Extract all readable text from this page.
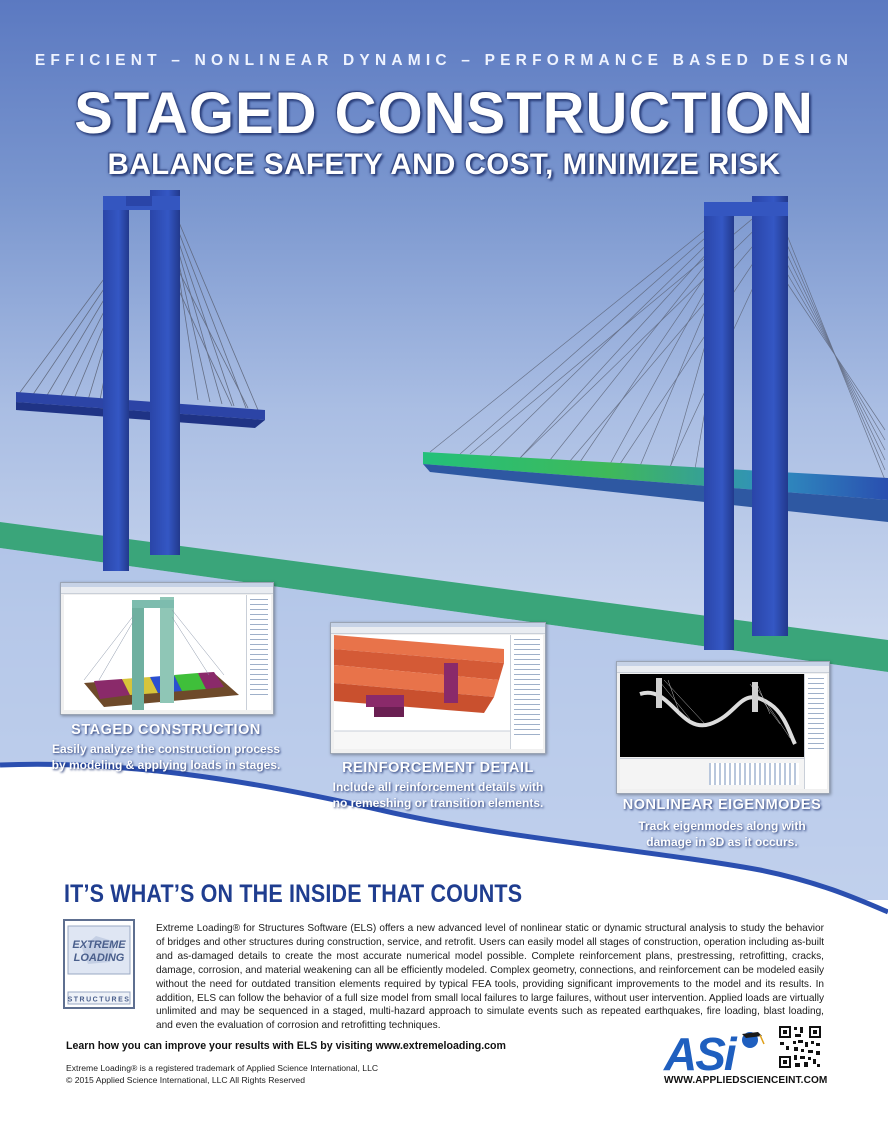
EFFICIENT – NONLINEAR DYNAMIC – PERFORMANCE BASED DESIGN
STAGED CONSTRUCTION
BALANCE SAFETY AND COST, MINIMIZE RISK
STAGED CONSTRUCTION
Easily analyze the construction process
by modeling & applying loads in stages.	REINFORCEMENT DETAIL
Include all reinforcement details with
no remeshing or transition elements.	NONLINEAR EIGENMODES
Track eigenmodes along with
damage in 3D as it occurs.
IT’S WHAT’S ON THE INSIDE THAT COUNTS
EXTREME
LOADING
STRUCTURES
Extreme Loading® for Structures Software (ELS) offers a new advanced level of nonlinear static or dynamic structural analysis to study the behavior of bridges and other structures during construction, service, and retrofit. Users can easily model all stages of construction, operation including as-built and as-damaged details to create the most accurate numerical model possible. Complete reinforcement plans, prestressing, retrofitting, cracks, damage, corrosion, and material weakening can all be efficiently modeled. Complex geometry, connections, and reinforcement can be modeled easily without the need for outdated transition elements required by typical FEA tools, providing significant improvements to the model and its results. In addition, ELS can follow the behavior of a full size model from small local failures to large failures, without user intervention. Applied loads are virtually unlimited and may be sequenced in a staged, multi-hazard approach to simulate events such as repeated earthquakes, fire loading, blast loading, and even the evaluation of corrosion and retrofitting techniques.
Learn how you can improve your results with ELS by visiting www.extremeloading.com
Extreme Loading® is a registered trademark of Applied Science International, LLC
© 2015 Applied Science International, LLC All Rights Reserved	ASi
WWW.APPLIEDSCIENCEINT.COM
